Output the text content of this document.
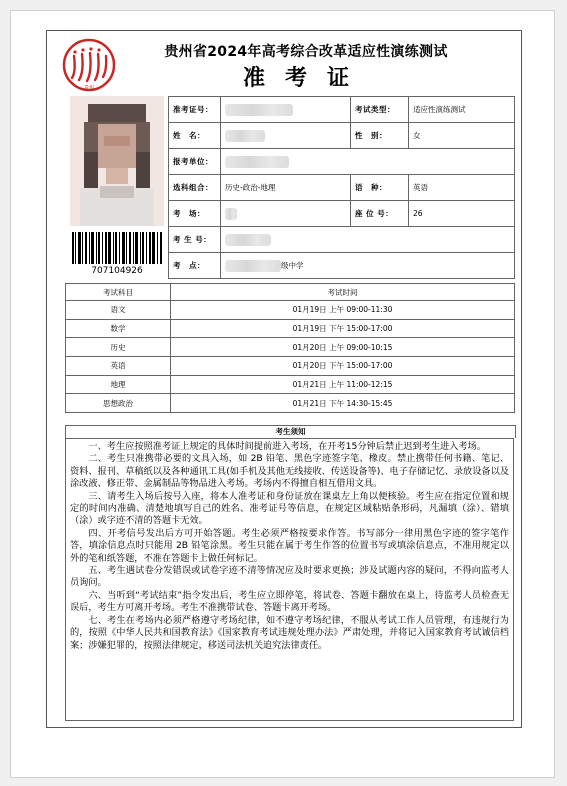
贵州
贵州省2024年高考综合改革适应性演练测试
准考证
707104926
准考证号：		考试类型：	适应性演练测试
姓　名：		性　别：	女
报考单位：			
选科组合：	历史-政治-地理	语　种：	英语
考　场：		座 位 号：	26
考 生 号：			
考　点：	级中学		
考试科目	考试时间
语文	01月19日 上午 09:00-11:30
数学	01月19日 下午 15:00-17:00
历史	01月20日 上午 09:00-10:15
英语	01月20日 下午 15:00-17:00
地理	01月21日 上午 11:00-12:15
思想政治	01月21日 下午 14:30-15:45
考生须知

一、考生应按照准考证上规定的具体时间提前进入考场，在开考15分钟后禁止迟到考生进入考场。

二、考生只准携带必要的文具入场，如 2B 铅笔、黑色字迹签字笔、橡皮。禁止携带任何书籍、笔记、资料、报刊、草稿纸以及各种通讯工具(如手机及其他无线接收、传送设备等)、电子存储记忆、录放设备以及涂改液、修正带、金属制品等物品进入考场。考场内不得擅自相互借用文具。

三、请考生入场后按号入座，将本人准考证和身份证放在课桌左上角以便核验。考生应在指定位置和规定的时间内准确、清楚地填写自己的姓名、准考证号等信息，在规定区域粘贴条形码，凡漏填（涂）、错填（涂）或字迹不清的答题卡无效。

四、开考信号发出后方可开始答题。考生必须严格按要求作答。书写部分一律用黑色字迹的签字笔作答，填涂信息点时只能用 2B 铅笔涂黑。考生只能在属于考生作答的位置书写或填涂信息点，不准用规定以外的笔和纸答题，不准在答题卡上做任何标记。

五、考生遇试卷分发错误或试卷字迹不清等情况应及时要求更换；涉及试题内容的疑问，不得向监考人员询问。

六、当听到“考试结束”指令发出后，考生应立即停笔，将试卷、答题卡翻放在桌上，待监考人员检查无误后，考生方可离开考场。考生不准携带试卷、答题卡离开考场。

七、考生在考场内必须严格遵守考场纪律，如不遵守考场纪律，不服从考试工作人员管理，有违规行为的，按照《中华人民共和国教育法》《国家教育考试违规处理办法》严肃处理，并将记入国家教育考试诚信档案；涉嫌犯罪的，按照法律规定，移送司法机关追究法律责任。
